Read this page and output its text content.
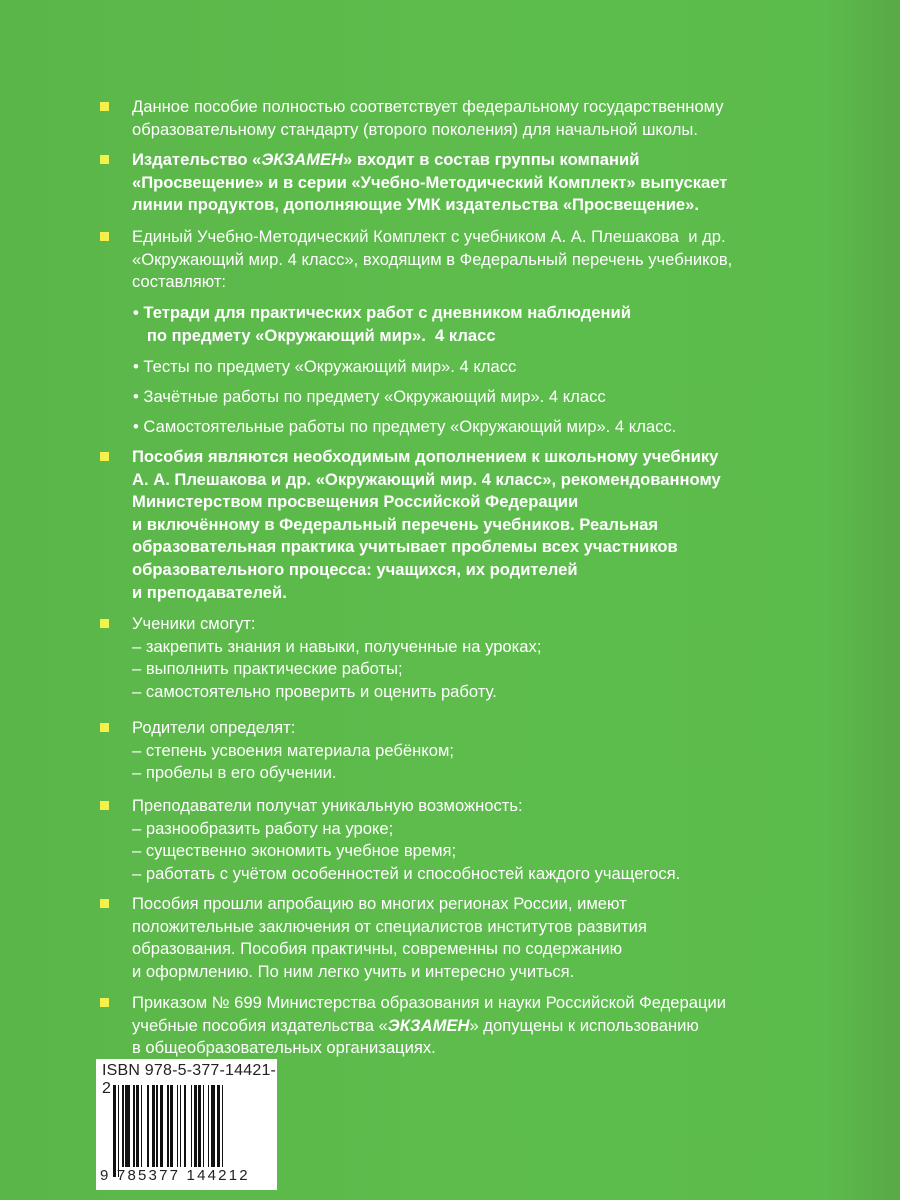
Данное пособие полностью соответствует федеральному государственному
образовательному стандарту (второго поколения) для начальной школы.
Издательство «ЭКЗАМЕН» входит в состав группы компаний
«Просвещение» и в серии «Учебно-Методический Комплект» выпускает
линии продуктов, дополняющие УМК издательства «Просвещение».
Единый Учебно-Методический Комплект с учебником А. А. Плешакова  и др.
«Окружающий мир. 4 класс», входящим в Федеральный перечень учебников,
составляют:
• Тетради для практических работ с дневником наблюдений
по предмету «Окружающий мир».  4 класс
• Тесты по предмету «Окружающий мир». 4 класс
• Зачётные работы по предмету «Окружающий мир». 4 класс
• Самостоятельные работы по предмету «Окружающий мир». 4 класс.
Пособия являются необходимым дополнением к школьному учебнику
А. А. Плешакова и др. «Окружающий мир. 4 класс», рекомендованному
Министерством просвещения Российской Федерации
и включённому в Федеральный перечень учебников. Реальная
образовательная практика учитывает проблемы всех участников
образовательного процесса: учащихся, их родителей
и преподавателей.
Ученики смогут:
– закрепить знания и навыки, полученные на уроках;
– выполнить практические работы;
– самостоятельно проверить и оценить работу.
Родители определят:
– степень усвоения материала ребёнком;
– пробелы в его обучении.
Преподаватели получат уникальную возможность:
– разнообразить работу на уроке;
– существенно экономить учебное время;
– работать с учётом особенностей и способностей каждого учащегося.
Пособия прошли апробацию во многих регионах России, имеют
положительные заключения от специалистов институтов развития
образования. Пособия практичны, современны по содержанию
и оформлению. По ним легко учить и интересно учиться.
Приказом № 699 Министерства образования и науки Российской Федерации
учебные пособия издательства «ЭКЗАМЕН» допущены к использованию
в общеобразовательных организациях.
ISBN 978-5-377-14421-2
9 785377 144212
